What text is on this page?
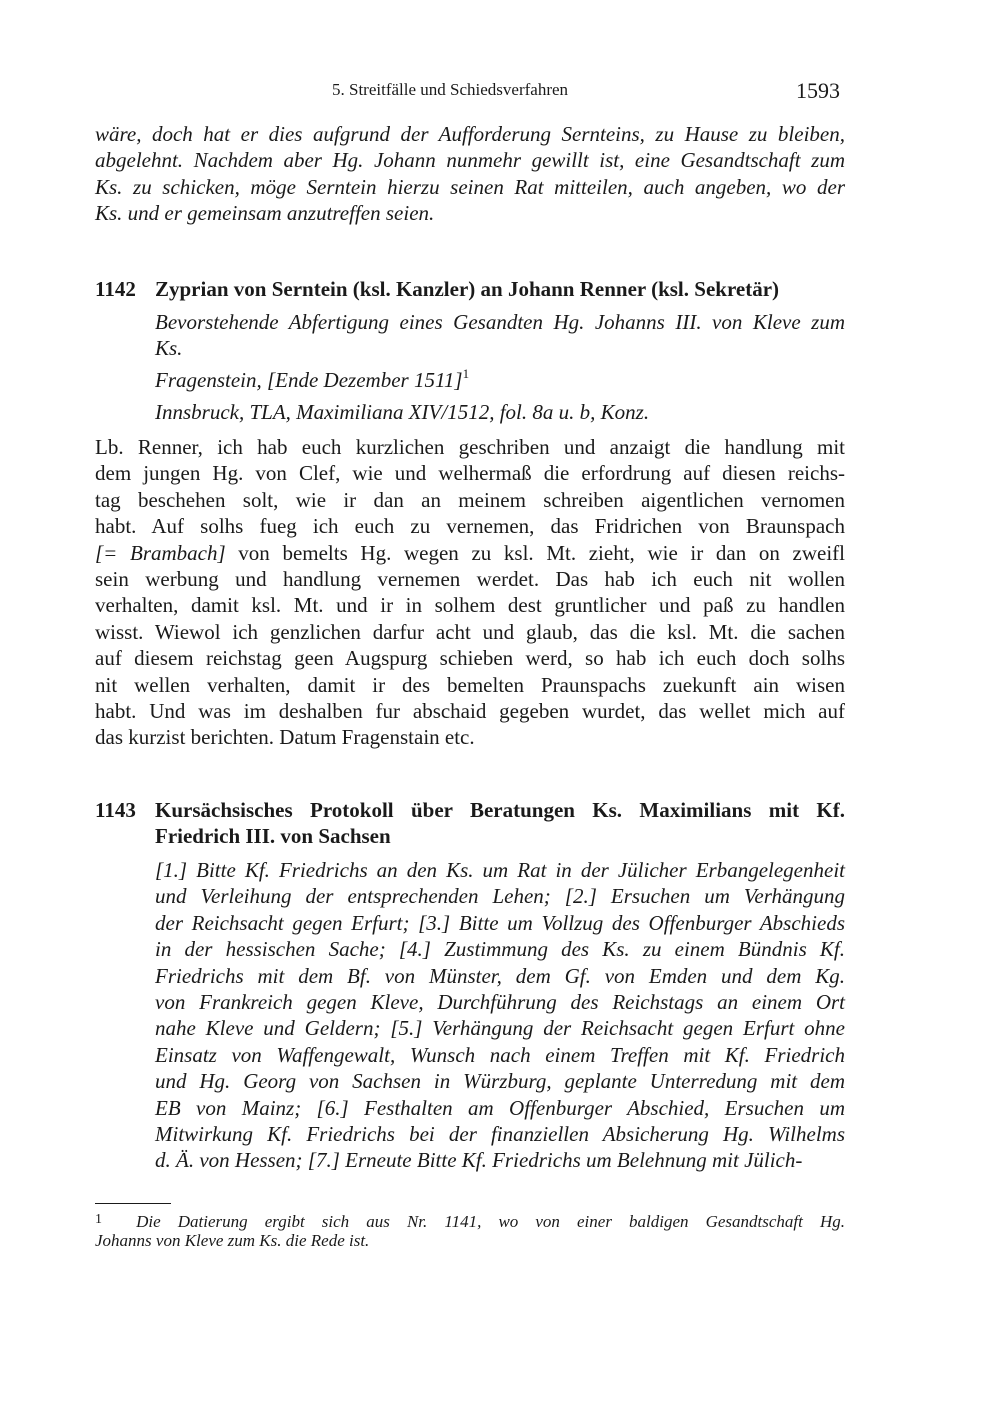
5. Streitfälle und Schiedsverfahren	1593
wäre, doch hat er dies aufgrund der Aufforderung Sernteins, zu Hause zu bleiben,
abgelehnt. Nachdem aber Hg. Johann nunmehr gewillt ist, eine Gesandtschaft zum
Ks. zu schicken, möge Serntein hierzu seinen Rat mitteilen, auch angeben, wo der
Ks. und er gemeinsam anzutreffen seien.
1142 Zyprian von Serntein (ksl. Kanzler) an Johann Renner (ksl. Sekretär)
Bevorstehende Abfertigung eines Gesandten Hg. Johanns III. von Kleve zum
Ks.
Fragenstein, [Ende Dezember 1511]$^1$
Innsbruck, TLA, Maximiliana XIV/1512, fol. 8a u. b, Konz.
Lb. Renner, ich hab euch kurzlichen geschriben und anzaigt die handlung mit
dem jungen Hg. von Clef, wie und welhermaß die erfordrung auf diesen reichs-
tag beschehen solt, wie ir dan an meinem schreiben aigentlichen vernomen
habt. Auf solhs fueg ich euch zu vernemen, das Fridrichen von Braunspach
[= Brambach] von bemelts Hg. wegen zu ksl. Mt. zieht, wie ir dan on zweifl
sein werbung und handlung vernemen werdet. Das hab ich euch nit wollen
verhalten, damit ksl. Mt. und ir in solhem dest gruntlicher und paß zu handlen
wisst. Wiewol ich genzlichen darfur acht und glaub, das die ksl. Mt. die sachen
auf diesem reichstag geen Augspurg schieben werd, so hab ich euch doch solhs
nit wellen verhalten, damit ir des bemelten Praunspachs zuekunft ain wisen
habt. Und was im deshalben fur abschaid gegeben wurdet, das wellet mich auf
das kurzist berichten. Datum Fragenstain etc.
1143 Kursächsisches Protokoll über Beratungen Ks. Maximilians mit Kf.
Friedrich III. von Sachsen
[1.] Bitte Kf. Friedrichs an den Ks. um Rat in der Jülicher Erbangelegenheit
und Verleihung der entsprechenden Lehen; [2.] Ersuchen um Verhängung
der Reichsacht gegen Erfurt; [3.] Bitte um Vollzug des Offenburger Abschieds
in der hessischen Sache; [4.] Zustimmung des Ks. zu einem Bündnis Kf.
Friedrichs mit dem Bf. von Münster, dem Gf. von Emden und dem Kg.
von Frankreich gegen Kleve, Durchführung des Reichstags an einem Ort
nahe Kleve und Geldern; [5.] Verhängung der Reichsacht gegen Erfurt ohne
Einsatz von Waffengewalt, Wunsch nach einem Treffen mit Kf. Friedrich
und Hg. Georg von Sachsen in Würzburg, geplante Unterredung mit dem
EB von Mainz; [6.] Festhalten am Offenburger Abschied, Ersuchen um
Mitwirkung Kf. Friedrichs bei der finanziellen Absicherung Hg. Wilhelms
d. Ä. von Hessen; [7.] Erneute Bitte Kf. Friedrichs um Belehnung mit Jülich-
1 Die Datierung ergibt sich aus Nr. 1141, wo von einer baldigen Gesandtschaft Hg.
Johanns von Kleve zum Ks. die Rede ist.
